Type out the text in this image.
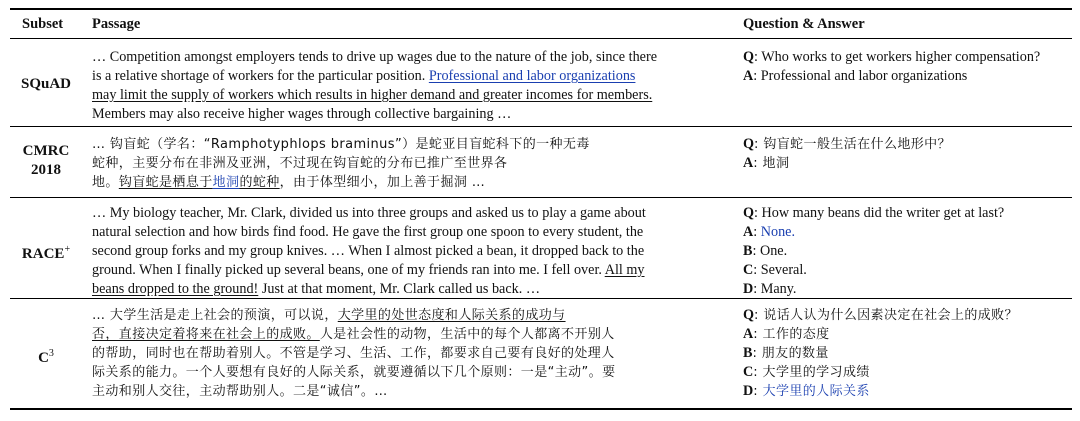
Subset Passage	Question & Answer
SQuAD
… Competition amongst employers tends to drive up wages due to the nature of the job, since there
is a relative shortage of workers for the particular position. Professional and labor organizations
may limit the supply of workers which results in higher demand and greater incomes for members.
Members may also receive higher wages through collective bargaining …
Q: Who works to get workers higher compensation?
A: Professional and labor organizations
CMRC
2018
… 钩盲蛇（学名：“Ramphotyphlops braminus”）是蛇亚目盲蛇科下的一种无毒
蛇种，主要分布在非洲及亚洲，不过现在钩盲蛇的分布已推广至世界各
地。钩盲蛇是栖息于地洞的蛇种，由于体型细小，加上善于掘洞 …
Q: 钩盲蛇一般生活在什么地形中？
A: 地洞
RACE+
… My biology teacher, Mr. Clark, divided us into three groups and asked us to play a game about
natural selection and how birds find food. He gave the first group one spoon to every student, the
second group forks and my group knives. … When I almost picked a bean, it dropped back to the
ground. When I finally picked up several beans, one of my friends ran into me. I fell over. All my
beans dropped to the ground! Just at that moment, Mr. Clark called us back. …
Q: How many beans did the writer get at last?
A: None.
B: One.
C: Several.
D: Many.
$C^3$
… 大学生活是走上社会的预演，可以说，大学里的处世态度和人际关系的成功与
否，直接决定着将来在社会上的成败。人是社会性的动物，生活中的每个人都离不开别人
的帮助，同时也在帮助着别人。不管是学习、生活、工作，都要求自己要有良好的处理人
际关系的能力。一个人要想有良好的人际关系，就要遵循以下几个原则：一是“主动”。要
主动和别人交往，主动帮助别人。二是“诚信”。…
Q: 说话人认为什么因素决定在社会上的成败？
A: 工作的态度
B: 朋友的数量
C: 大学里的学习成绩
D: 大学里的人际关系
